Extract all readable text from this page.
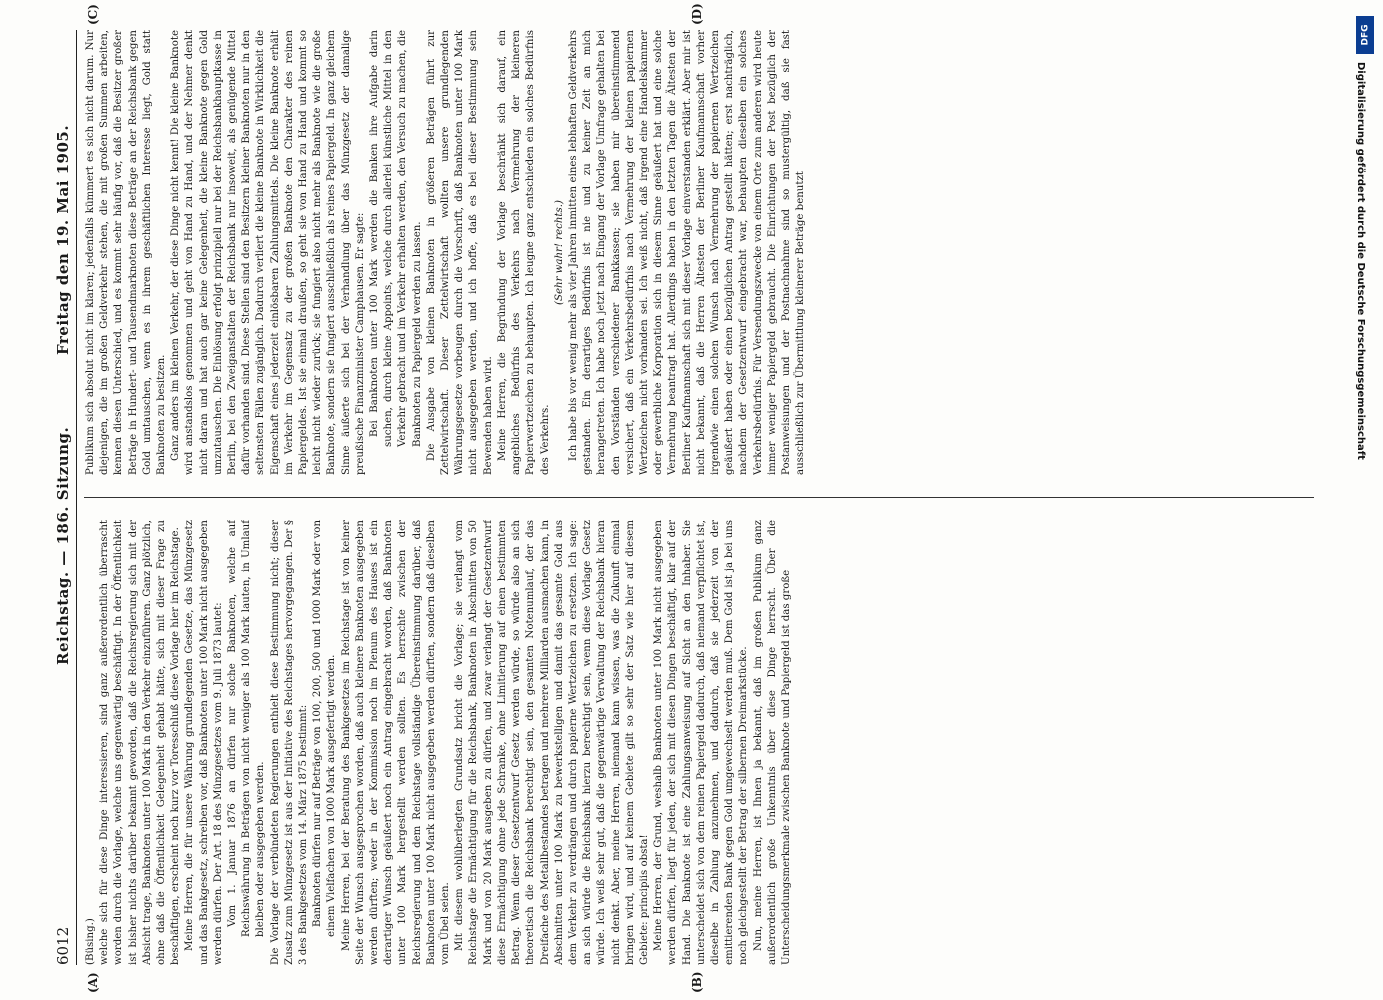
6012
Reichstag. — 186. Sitzung.
Freitag den 19. Mai 1905.
(A)	(B)
(C)	(D)

(Büsing.) welche sich für diese Dinge interessieren, sind ganz außerordentlich überrascht worden durch die Vorlage, welche uns gegenwärtig beschäftigt. In der Öffentlichkeit ist bisher nichts darüber bekannt geworden, daß die Reichsregierung sich mit der Absicht trage, Banknoten unter 100 Mark in den Verkehr einzuführen. Ganz plötzlich, ohne daß die Öffentlichkeit Gelegenheit gehabt hätte, sich mit dieser Frage zu beschäftigen, erscheint noch kurz vor Toresschluß diese Vorlage hier im Reichstage. Meine Herren, die für unsere Währung grundlegenden Gesetze, das Münzgesetz und das Bankgesetz, schreiben vor, daß Banknoten unter 100 Mark nicht ausgegeben werden dürfen. Der Art. 18 des Münzgesetzes vom 9. Juli 1873 lautet: Vom 1. Januar 1876 an dürfen nur solche Banknoten, welche auf Reichswährung in Beträgen von nicht weniger als 100 Mark lauten, in Umlauf bleiben oder ausgegeben werden. Die Vorlage der verbündeten Regierungen enthielt diese Bestimmung nicht; dieser Zusatz zum Münzgesetz ist aus der Initiative des Reichstages hervorgegangen. Der § 3 des Bankgesetzes vom 14. März 1875 bestimmt: Banknoten dürfen nur auf Beträge von 100, 200, 500 und 1000 Mark oder von einem Vielfachen von 1000 Mark ausgefertigt werden. Meine Herren, bei der Beratung des Bankgesetzes im Reichstage ist von keiner Seite der Wunsch ausgesprochen worden, daß auch kleinere Banknoten ausgegeben werden dürften; weder in der Kommission noch im Plenum des Hauses ist ein derartiger Wunsch geäußert noch ein Antrag eingebracht worden, daß Banknoten unter 100 Mark hergestellt werden sollten. Es herrschte zwischen der Reichsregierung und dem Reichstage vollständige Übereinstimmung darüber, daß Banknoten unter 100 Mark nicht ausgegeben werden dürften, sondern daß dieselben vom Übel seien. Mit diesem wohlüberlegten Grundsatz bricht die Vorlage; sie verlangt vom Reichstage die Ermächtigung für die Reichsbank, Banknoten in Abschnitten von 50 Mark und von 20 Mark ausgeben zu dürfen, und zwar verlangt der Gesetzentwurf diese Ermächtigung ohne jede Schranke, ohne Limitierung auf einen bestimmten Betrag. Wenn dieser Gesetzentwurf Gesetz werden würde, so würde also an sich theoretisch die Reichsbank berechtigt sein, den gesamten Notenumlauf, der das Dreifache des Metallbestandes betragen und mehrere Milliarden ausmachen kann, in Abschnitten unter 100 Mark zu bewerkstelligen und damit das gesamte Gold aus dem Verkehr zu verdrängen und durch papierne Wertzeichen zu ersetzen. Ich sage: an sich würde die Reichsbank hierzu berechtigt sein, wenn diese Vorlage Gesetz würde. Ich weiß sehr gut, daß die gegenwärtige Verwaltung der Reichsbank hieran nicht denkt. Aber, meine Herren, niemand kann wissen, was die Zukunft einmal bringen wird, und auf keinem Gebiete gilt so sehr der Satz wie hier auf diesem Gebiete: principiis obsta! Meine Herren, der Grund, weshalb Banknoten unter 100 Mark nicht ausgegeben werden dürfen, liegt für jeden, der sich mit diesen Dingen beschäftigt, klar auf der Hand. Die Banknote ist eine Zahlungsanweisung auf Sicht an den Inhaber. Sie unterscheidet sich von dem reinen Papiergeld dadurch, daß niemand verpflichtet ist, dieselbe in Zahlung anzunehmen, und dadurch, daß sie jederzeit von der emittierenden Bank gegen Gold umgewechselt werden muß. Dem Gold ist ja bei uns noch gleichgestellt der Betrag der silbernen Dreimarkstücke. Nun, meine Herren, ist Ihnen ja bekannt, daß im großen Publikum ganz außerordentlich große Unkenntnis über diese Dinge herrscht. Über die Unterscheidungsmerkmale zwischen Banknote und Papiergeld ist das große

Publikum sich absolut nicht im klaren; jedenfalls kümmert es sich nicht darum. Nur diejenigen, die im großen Geldverkehr stehen, die mit großen Summen arbeiten, kennen diesen Unterschied, und es kommt sehr häufig vor, daß die Besitzer großer Beträge in Hundert- und Tausendmarknoten diese Beträge an der Reichsbank gegen Gold umtauschen, wenn es in ihrem geschäftlichen Interesse liegt, Gold statt Banknoten zu besitzen. Ganz anders im kleinen Verkehr, der diese Dinge nicht kennt! Die kleine Banknote wird anstandslos genommen und geht von Hand zu Hand, und der Nehmer denkt nicht daran und hat auch gar keine Gelegenheit, die kleine Banknote gegen Gold umzutauschen. Die Einlösung erfolgt prinzipiell nur bei der Reichsbankhauptkasse in Berlin, bei den Zweiganstalten der Reichsbank nur insoweit, als genügende Mittel dafür vorhanden sind. Diese Stellen sind den Besitzern kleiner Banknoten nur in den seltensten Fällen zugänglich. Dadurch verliert die kleine Banknote in Wirklichkeit die Eigenschaft eines jederzeit einlösbaren Zahlungsmittels. Die kleine Banknote erhält im Verkehr im Gegensatz zu der großen Banknote den Charakter des reinen Papiergeldes. Ist sie einmal draußen, so geht sie von Hand zu Hand und kommt so leicht nicht wieder zurück; sie fungiert also nicht mehr als Banknote wie die große Banknote, sondern sie fungiert ausschließlich als reines Papiergeld. In ganz gleichem Sinne äußerte sich bei der Verhandlung über das Münzgesetz der damalige preußische Finanzminister Camphausen. Er sagte: Bei Banknoten unter 100 Mark werden die Banken ihre Aufgabe darin suchen, durch kleine Appoints, welche durch allerlei künstliche Mittel in den Verkehr gebracht und im Verkehr erhalten werden, den Versuch zu machen, die Banknoten zu Papiergeld werden zu lassen. Die Ausgabe von kleinen Banknoten in größeren Beträgen führt zur Zettelwirtschaft. Dieser Zettelwirtschaft wollten unsere grundlegenden Währungsgesetze vorbeugen durch die Vorschrift, daß Banknoten unter 100 Mark nicht ausgegeben werden, und ich hoffe, daß es bei dieser Bestimmung sein Bewenden haben wird. Meine Herren, die Begründung der Vorlage beschränkt sich darauf, ein angebliches Bedürfnis des Verkehrs nach Vermehrung der kleineren Papierwertzeichen zu behaupten. Ich leugne ganz entschieden ein solches Bedürfnis des Verkehrs.

(Sehr wahr! rechts.) Ich habe bis vor wenig mehr als vier Jahren inmitten eines lebhaften Geldverkehrs gestanden. Ein derartiges Bedürfnis ist nie und zu keiner Zeit an mich herangetreten. Ich habe noch jetzt nach Eingang der Vorlage Umfrage gehalten bei den Vorständen verschiedener Bankkassen; sie haben mir übereinstimmend versichert, daß ein Verkehrsbedürfnis nach Vermehrung der kleinen papiernen Wertzeichen nicht vorhanden sei. Ich weiß nicht, daß irgend eine Handelskammer oder gewerbliche Korporation sich in diesem Sinne geäußert hat und eine solche Vermehrung beantragt hat. Allerdings haben in den letzten Tagen die Ältesten der Berliner Kaufmannschaft sich mit dieser Vorlage einverstanden erklärt. Aber mir ist nicht bekannt, daß die Herren Ältesten der Berliner Kaufmannschaft vorher irgendwie einen solchen Wunsch nach Vermehrung der papiernen Wertzeichen geäußert haben oder einen bezüglichen Antrag gestellt hätten; erst nachträglich, nachdem der Gesetzentwurf eingebracht war, behaupten dieselben ein solches Verkehrsbedürfnis. Für Versendungszwecke von einem Orte zum anderen wird heute immer weniger Papiergeld gebraucht. Die Einrichtungen der Post bezüglich der Postanweisungen und der Postnachnahme sind so mustergültig, daß sie fast ausschließlich zur Übermittlung kleinerer Beträge benutzt

DFG
Digitalisierung gefördert durch die Deutsche Forschungsgemeinschaft
